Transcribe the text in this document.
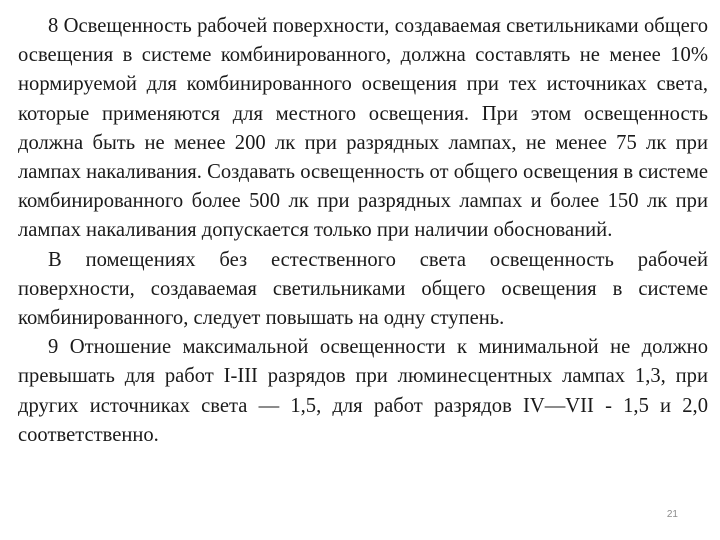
8 Освещенность рабочей поверхности, создаваемая светильниками общего освещения в системе комбинированного, должна составлять не менее 10% нормируемой для комбинированного освещения при тех источниках света, которые применяются для местного освещения. При этом освещенность должна быть не менее 200 лк при разрядных лампах, не менее 75 лк при лампах накаливания. Создавать освещенность от общего освещения в системе комбинированного более 500 лк при разрядных лампах и более 150 лк при лампах накаливания допускается только при наличии обоснований.

В помещениях без естественного света освещенность рабочей поверхности, создаваемая светильниками общего освещения в системе комбинированного, следует повышать на одну ступень.

9 Отношение максимальной освещенности к минимальной не должно превышать для работ I-III разрядов при люминесцентных лампах 1,3, при других источниках света — 1,5, для работ разрядов IV—VII - 1,5 и 2,0 соответственно.

21
